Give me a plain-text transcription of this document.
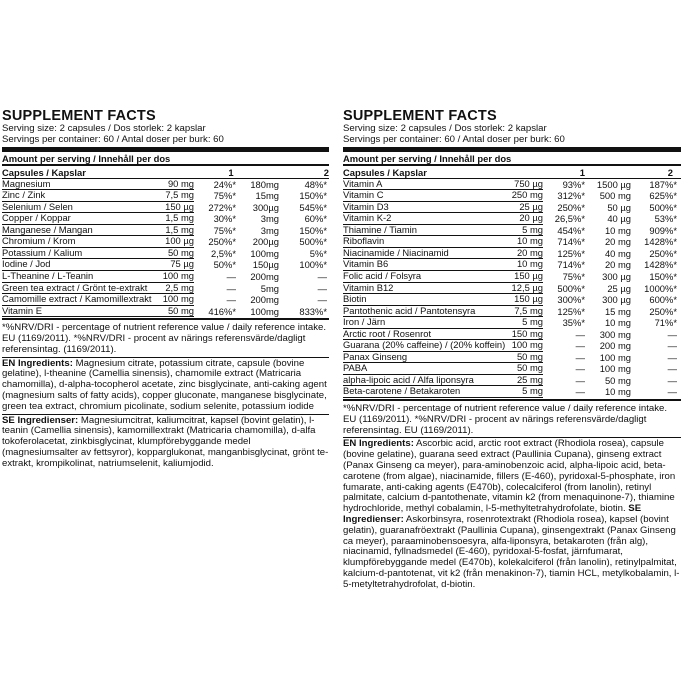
SUPPLEMENT FACTS
Serving size: 2 capsules / Dos storlek: 2 kapslar
Servings per container: 60 / Antal doser per burk: 60
Amount per serving / Innehåll per dos
Capsules / Kapslar	1	2
Magnesium	90 mg	24%*	180mg	48%*
Zinc / Zink	7,5 mg	75%*	15mg	150%*
Selenium / Selen	150 µg	272%*	300µg	545%*
Copper / Koppar	1,5 mg	30%*	3mg	60%*
Manganese / Mangan	1,5 mg	75%*	3mg	150%*
Chromium / Krom	100 µg	250%*	200µg	500%*
Potassium / Kalium	50 mg	2,5%*	100mg	5%*
Iodine / Jod	75 µg	50%*	150µg	100%*
L-Theanine / L-Teanin	100 mg	—	200mg	—
Green tea extract / Grönt te-extrakt	2,5 mg	—	5mg	—
Camomille extract / Kamomillextrakt	100 mg	—	200mg	—
Vitamin E	50 mg	416%*	100mg	833%*
*%NRV/DRI - percentage of nutrient reference value / daily reference intake. EU (1169/2011). *%NRV/DRI - procent av närings referensvärde/dagligt referensintag. (1169/2011).
EN Ingredients: Magnesium citrate, potassium citrate, capsule (bovine gelatine), l-theanine (Camellia sinensis), chamomile extract (Matricaria chamomilla), d-alpha-tocopherol acetate, zinc bisglycinate, anti-caking agent (magnesium salts of fatty acids), copper gluconate, manganese bisglycinate, green tea extract, chromium picolinate, sodium selenite, potassium iodide
SE Ingredienser: Magnesiumcitrat, kaliumcitrat, kapsel (bovint gelatin), l-teanin (Camellia sinensis), kamomillextrakt (Matricaria chamomilla), d-alfa tokoferolacetat, zinkbisglycinat, klumpförebyggande medel (magnesiumsalter av fettsyror), kopparglukonat, manganbisglycinat, grönt te-extrakt, krompikolinat, natriumselenit, kaliumjodid.
SUPPLEMENT FACTS
Serving size: 2 capsules / Dos storlek: 2 kapslar
Servings per container: 60 / Antal doser per burk: 60
Amount per serving / Innehåll per dos
Capsules / Kapslar	1	2
Vitamin A	750 µg	93%*	1500 µg	187%*
Vitamin C	250 mg	312%*	500 mg	625%*
Vitamin D3	25 µg	250%*	50 µg	500%*
Vitamin K-2	20 µg	26,5%*	40 µg	53%*
Thiamine / Tiamin	5 mg	454%*	10 mg	909%*
Riboflavin	10 mg	714%*	20 mg	1428%*
Niacinamide / Niacinamid	20 mg	125%*	40 mg	250%*
Vitamin B6	10 mg	714%*	20 mg	1428%*
Folic acid / Folsyra	150 µg	75%*	300 µg	150%*
Vitamin B12	12,5 µg	500%*	25 µg	1000%*
Biotin	150 µg	300%*	300 µg	600%*
Pantothenic acid / Pantotensyra	7,5 mg	125%*	15 mg	250%*
Iron / Järn	5 mg	35%*	10 mg	71%*
Arctic root / Rosenrot	150 mg	—	300 mg	—
Guarana (20% caffeine) / (20% koffein) 100 mg	—	200 mg	—
Panax Ginseng	50 mg	—	100 mg	—
PABA	50 mg	—	100 mg	—
alpha-lipoic acid / Alfa liponsyra	25 mg	—	50 mg	—
Beta-carotene / Betakaroten	5 mg	—	10 mg	—
*%NRV/DRI - percentage of nutrient reference value / daily reference intake. EU (1169/2011). *%NRV/DRI - procent av närings referensvärde/dagligt referensintag. EU (1169/2011).
EN Ingredients: Ascorbic acid, arctic root extract (Rhodiola rosea), capsule (bovine gelatine), guarana seed extract (Paullinia Cupana), ginseng extract (Panax Ginseng ca meyer), para-aminobenzoic acid, alpha-lipoic acid, beta-carotene (from algae), niacinamide, fillers (E-460), pyridoxal-5-phosphate, iron fumarate, anti-caking agents (E470b), colecalciferol (from lanolin), retinyl palmitate, calcium d-pantothenate, vitamin k2 (from menaquinone-7), thiamine hydrochloride, methyl cobalamin, l-5-methyltetrahydrofolate, biotin. SE Ingredienser: Askorbinsyra, rosenrotextrakt (Rhodiola rosea), kapsel (bovint gelatin), guaranafröextrakt (Paullinia Cupana), ginsengextrakt (Panax Ginseng ca meyer), paraaminobensoesyra, alfa-liponsyra, betakaroten (från alg), niacinamid, fyllnadsmedel (E-460), pyridoxal-5-fosfat, järnfumarat, klumpförebyggande medel (E470b), kolekalciferol (från lanolin), retinylpalmitat, kalcium-d-pantotenat, vit k2 (från menakinon-7), tiamin HCL, metylkobalamin, l-5-metyltetrahydrofolat, d-biotin.
